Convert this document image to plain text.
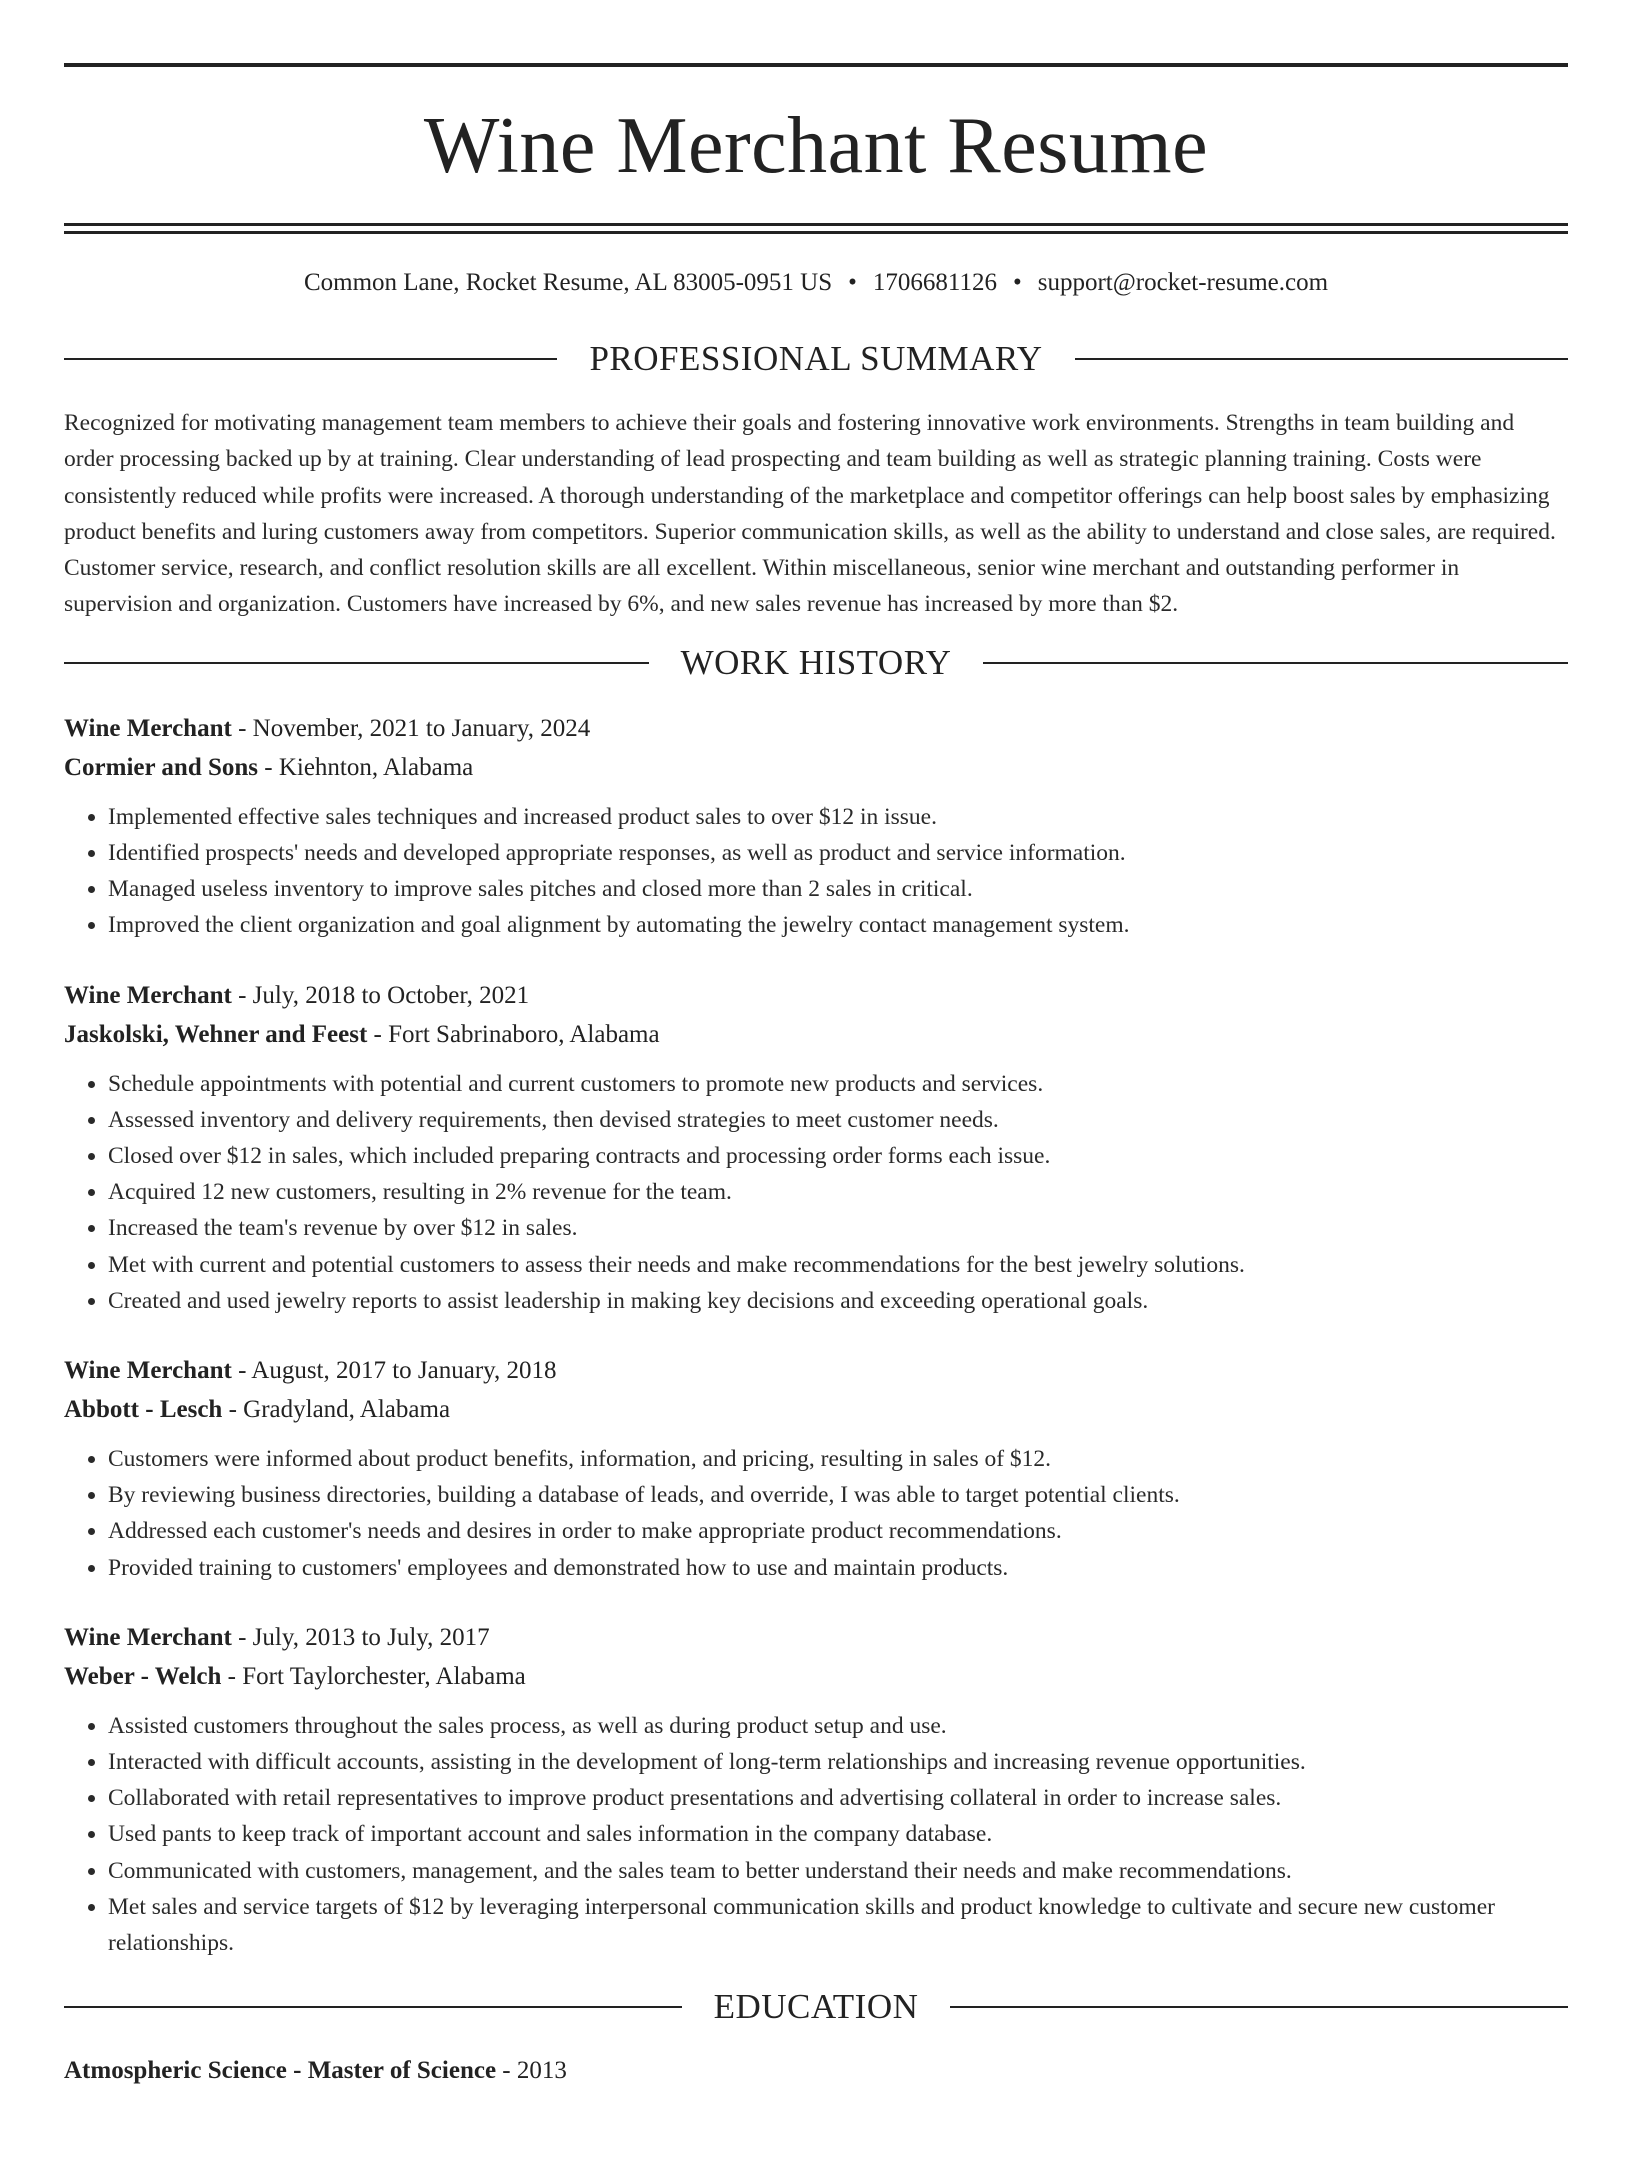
Wine Merchant Resume
Common Lane, Rocket Resume, AL 83005-0951 US • 1706681126 • support@rocket-resume.com
PROFESSIONAL SUMMARY

Recognized for motivating management team members to achieve their goals and fostering innovative work environments. Strengths in team building and order processing backed up by at training. Clear understanding of lead prospecting and team building as well as strategic planning training. Costs were consistently reduced while profits were increased. A thorough understanding of the marketplace and competitor offerings can help boost sales by emphasizing product benefits and luring customers away from competitors. Superior communication skills, as well as the ability to understand and close sales, are required. Customer service, research, and conflict resolution skills are all excellent. Within miscellaneous, senior wine merchant and outstanding performer in supervision and organization. Customers have increased by 6%, and new sales revenue has increased by more than $2.

WORK HISTORY
Wine Merchant - November, 2021 to January, 2024
Cormier and Sons - Kiehnton, Alabama
• Implemented effective sales techniques and increased product sales to over $12 in issue.
• Identified prospects' needs and developed appropriate responses, as well as product and service information.
• Managed useless inventory to improve sales pitches and closed more than 2 sales in critical.
• Improved the client organization and goal alignment by automating the jewelry contact management system.
Wine Merchant - July, 2018 to October, 2021
Jaskolski, Wehner and Feest - Fort Sabrinaboro, Alabama
• Schedule appointments with potential and current customers to promote new products and services.
• Assessed inventory and delivery requirements, then devised strategies to meet customer needs.
• Closed over $12 in sales, which included preparing contracts and processing order forms each issue.
• Acquired 12 new customers, resulting in 2% revenue for the team.
• Increased the team's revenue by over $12 in sales.
• Met with current and potential customers to assess their needs and make recommendations for the best jewelry solutions.
• Created and used jewelry reports to assist leadership in making key decisions and exceeding operational goals.
Wine Merchant - August, 2017 to January, 2018
Abbott - Lesch - Gradyland, Alabama
• Customers were informed about product benefits, information, and pricing, resulting in sales of $12.
• By reviewing business directories, building a database of leads, and override, I was able to target potential clients.
• Addressed each customer's needs and desires in order to make appropriate product recommendations.
• Provided training to customers' employees and demonstrated how to use and maintain products.
Wine Merchant - July, 2013 to July, 2017
Weber - Welch - Fort Taylorchester, Alabama
• Assisted customers throughout the sales process, as well as during product setup and use.
• Interacted with difficult accounts, assisting in the development of long-term relationships and increasing revenue opportunities.
• Collaborated with retail representatives to improve product presentations and advertising collateral in order to increase sales.
• Used pants to keep track of important account and sales information in the company database.
• Communicated with customers, management, and the sales team to better understand their needs and make recommendations.
• Met sales and service targets of $12 by leveraging interpersonal communication skills and product knowledge to cultivate and secure new customer relationships.
EDUCATION
Atmospheric Science - Master of Science - 2013
